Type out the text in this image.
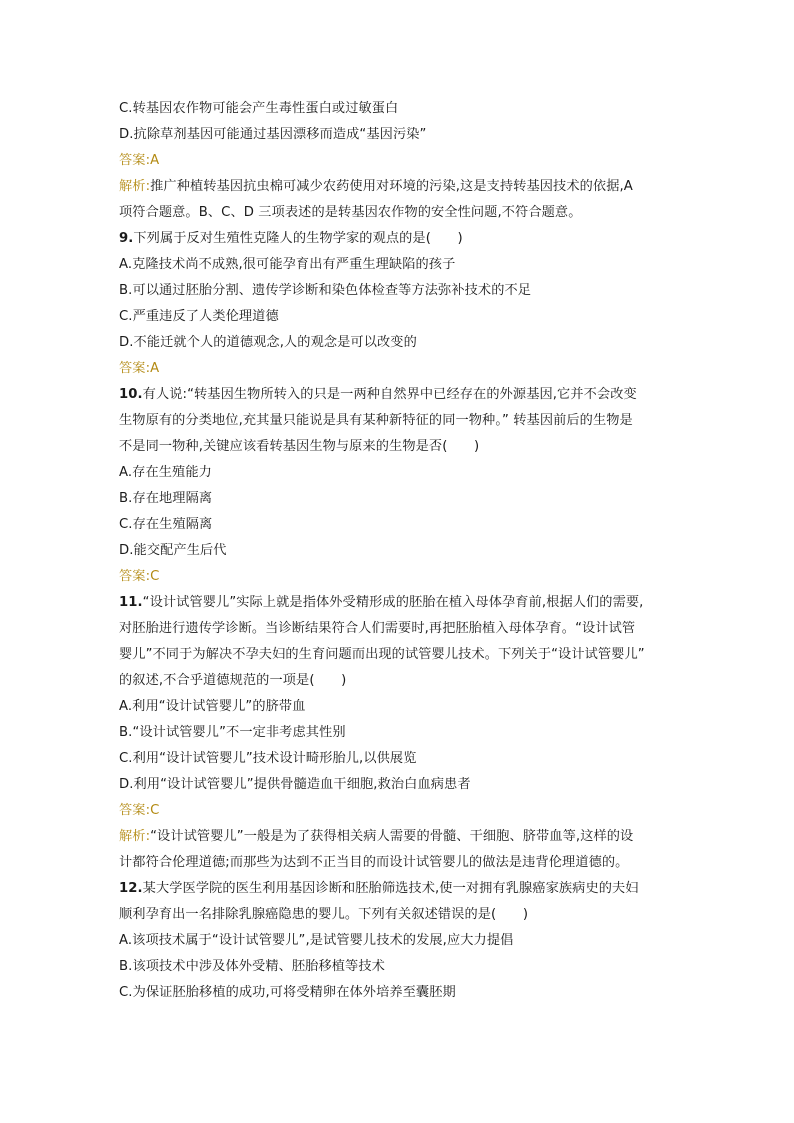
C.转基因农作物可能会产生毒性蛋白或过敏蛋白
D.抗除草剂基因可能通过基因漂移而造成“基因污染”
答案:A
解析:推广种植转基因抗虫棉可减少农药使用对环境的污染,这是支持转基因技术的依据,A
项符合题意。B、C、D 三项表述的是转基因农作物的安全性问题,不符合题意。
9.下列属于反对生殖性克隆人的生物学家的观点的是(　　)
A.克隆技术尚不成熟,很可能孕育出有严重生理缺陷的孩子
B.可以通过胚胎分割、遗传学诊断和染色体检查等方法弥补技术的不足
C.严重违反了人类伦理道德
D.不能迁就个人的道德观念,人的观念是可以改变的
答案:A
10.有人说:“转基因生物所转入的只是一两种自然界中已经存在的外源基因,它并不会改变
生物原有的分类地位,充其量只能说是具有某种新特征的同一物种。” 转基因前后的生物是
不是同一物种,关键应该看转基因生物与原来的生物是否(　　)
A.存在生殖能力
B.存在地理隔离
C.存在生殖隔离
D.能交配产生后代
答案:C
11.“设计试管婴儿”实际上就是指体外受精形成的胚胎在植入母体孕育前,根据人们的需要,
对胚胎进行遗传学诊断。当诊断结果符合人们需要时,再把胚胎植入母体孕育。“设计试管
婴儿”不同于为解决不孕夫妇的生育问题而出现的试管婴儿技术。下列关于“设计试管婴儿”
的叙述,不合乎道德规范的一项是(　　)
A.利用“设计试管婴儿”的脐带血
B.“设计试管婴儿”不一定非考虑其性别
C.利用“设计试管婴儿”技术设计畸形胎儿,以供展览
D.利用“设计试管婴儿”提供骨髓造血干细胞,救治白血病患者
答案:C
解析:“设计试管婴儿”一般是为了获得相关病人需要的骨髓、干细胞、脐带血等,这样的设
计都符合伦理道德;而那些为达到不正当目的而设计试管婴儿的做法是违背伦理道德的。
12.某大学医学院的医生利用基因诊断和胚胎筛选技术,使一对拥有乳腺癌家族病史的夫妇
顺利孕育出一名排除乳腺癌隐患的婴儿。下列有关叙述错误的是(　　)
A.该项技术属于“设计试管婴儿”,是试管婴儿技术的发展,应大力提倡
B.该项技术中涉及体外受精、胚胎移植等技术
C.为保证胚胎移植的成功,可将受精卵在体外培养至囊胚期
